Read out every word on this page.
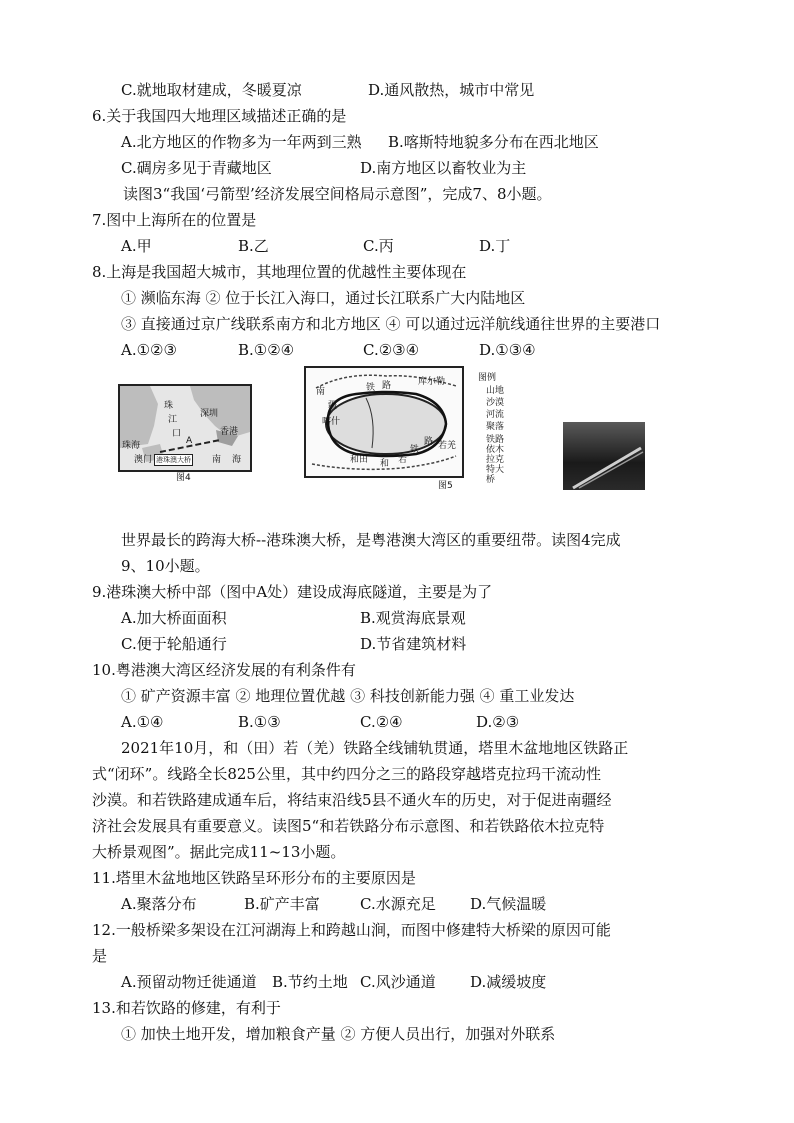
C.就地取材建成，冬暖夏凉	D.通风散热，城市中常见
6.关于我国四大地理区域描述正确的是
A.北方地区的作物多为一年两到三熟 B.喀斯特地貌多分布在西北地区
C.碉房多见于青藏地区	D.南方地区以畜牧业为主
读图3“我国‘弓箭型’经济发展空间格局示意图”，完成7、8小题。
7.图中上海所在的位置是
A.甲	B.乙	C.丙	D.丁
8.上海是我国超大城市，其地理位置的优越性主要体现在
① 濒临东海 ② 位于长江入海口，通过长江联系广大内陆地区
③ 直接通过京广线联系南方和北方地区 ④ 可以通过远洋航线通往世界的主要港口
A.①②③	B.①②④	C.②③④	D.①③④
珠
江
口
深圳
香港
珠海
澳门
A
港珠澳大桥 南 海
图4
南
疆
铁 路	库尔勒
喀什
和田 和 若
若羌
铁
路
图例
山地
沙漠
河流
聚落
铁路
依木拉克特大桥
图5
世界最长的跨海大桥--港珠澳大桥，是粤港澳大湾区的重要纽带。读图4完成
9、10小题。
9.港珠澳大桥中部（图中A处）建设成海底隧道，主要是为了
A.加大桥面面积	B.观赏海底景观
C.便于轮船通行	D.节省建筑材料
10.粤港澳大湾区经济发展的有利条件有
① 矿产资源丰富 ② 地理位置优越 ③ 科技创新能力强 ④ 重工业发达
A.①④	B.①③	C.②④	D.②③
2021年10月，和（田）若（羌）铁路全线铺轨贯通，塔里木盆地地区铁路正
式“闭环”。线路全长825公里，其中约四分之三的路段穿越塔克拉玛干流动性
沙漠。和若铁路建成通车后，将结束沿线5县不通火车的历史，对于促进南疆经
济社会发展具有重要意义。读图5“和若铁路分布示意图、和若铁路依木拉克特
大桥景观图”。据此完成11~13小题。
11.塔里木盆地地区铁路呈环形分布的主要原因是
A.聚落分布	B.矿产丰富	C.水源充足 D.气候温暖
12.一般桥梁多架设在江河湖海上和跨越山涧，而图中修建特大桥梁的原因可能
是
A.预留动物迁徙通道 B.节约土地 C.风沙通道 D.减缓坡度
13.和若饮路的修建，有利于
① 加快土地开发，增加粮食产量 ② 方便人员出行，加强对外联系
